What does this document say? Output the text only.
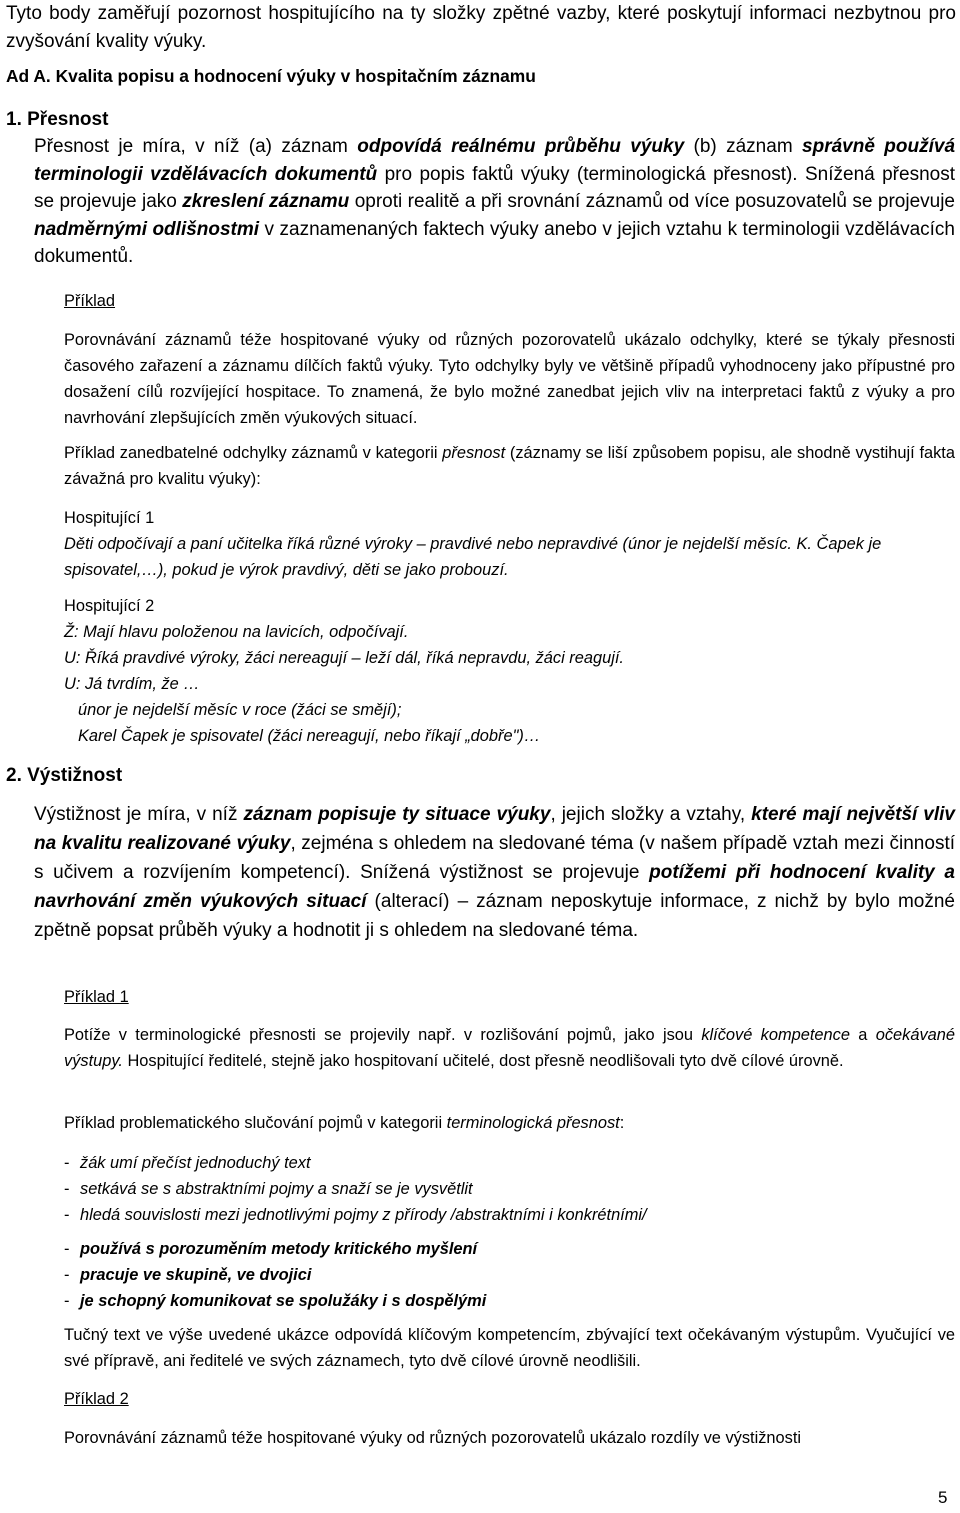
Tyto body zaměřují pozornost hospitujícího na ty složky zpětné vazby, které poskytují informaci nezbytnou pro zvyšování kvality výuky.

Ad A. Kvalita popisu a hodnocení výuky v hospitačním záznamu

1. Přesnost

Přesnost je míra, v níž (a) záznam odpovídá reálnému průběhu výuky (b) záznam správně používá terminologii vzdělávacích dokumentů pro popis faktů výuky (terminologická přesnost). Snížená přesnost se projevuje jako zkreslení záznamu oproti realitě a při srovnání záznamů od více posuzovatelů se projevuje nadměrnými odlišnostmi v zaznamenaných faktech výuky anebo v jejich vztahu k terminologii vzdělávacích dokumentů.

Příklad

Porovnávání záznamů téže hospitované výuky od různých pozorovatelů ukázalo odchylky, které se týkaly přesnosti časového zařazení a záznamu dílčích faktů výuky. Tyto odchylky byly ve většině případů vyhodnoceny jako přípustné pro dosažení cílů rozvíjející hospitace. To znamená, že bylo možné zanedbat jejich vliv na interpretaci faktů z výuky a pro navrhování zlepšujících změn výukových situací.

Příklad zanedbatelné odchylky záznamů v kategorii přesnost (záznamy se liší způsobem popisu, ale shodně vystihují fakta závažná pro kvalitu výuky):

Hospitující 1

Děti odpočívají a paní učitelka říká různé výroky – pravdivé nebo nepravdivé (únor je nejdelší měsíc. K. Čapek je spisovatel,…), pokud je výrok pravdivý, děti se jako probouzí.

Hospitující 2

Ž: Mají hlavu položenou na lavicích, odpočívají.

U: Říká pravdivé výroky, žáci nereagují – leží dál, říká nepravdu, žáci reagují.

U: Já tvrdím, že …

únor je nejdelší měsíc v roce (žáci se smějí);

Karel Čapek je spisovatel (žáci nereagují, nebo říkají „dobře")…

2. Výstižnost

Výstižnost je míra, v níž záznam popisuje ty situace výuky, jejich složky a vztahy, které mají největší vliv na kvalitu realizované výuky, zejména s ohledem na sledované téma (v našem případě vztah mezi činností s učivem a rozvíjením kompetencí). Snížená výstižnost se projevuje potížemi při hodnocení kvality a navrhování změn výukových situací (alterací) – záznam neposkytuje informace, z nichž by bylo možné zpětně popsat průběh výuky a hodnotit ji s ohledem na sledované téma.

Příklad 1

Potíže v terminologické přesnosti se projevily např. v rozlišování pojmů, jako jsou klíčové kompetence a očekávané výstupy. Hospitující ředitelé, stejně jako hospitovaní učitelé, dost přesně neodlišovali tyto dvě cílové úrovně.

Příklad problematického slučování pojmů v kategorii terminologická přesnost:

- žák umí přečíst jednoduchý text
- setkává se s abstraktními pojmy a snaží se je vysvětlit
- hledá souvislosti mezi jednotlivými pojmy z přírody /abstraktními i konkrétními/
- používá s porozuměním metody kritického myšlení
- pracuje ve skupině, ve dvojici
- je schopný komunikovat se spolužáky i s dospělými

Tučný text ve výše uvedené ukázce odpovídá klíčovým kompetencím, zbývající text očekávaným výstupům. Vyučující ve své přípravě, ani ředitelé ve svých záznamech, tyto dvě cílové úrovně neodlišili.

Příklad 2

Porovnávání záznamů téže hospitované výuky od různých pozorovatelů ukázalo rozdíly ve výstižnosti

5
